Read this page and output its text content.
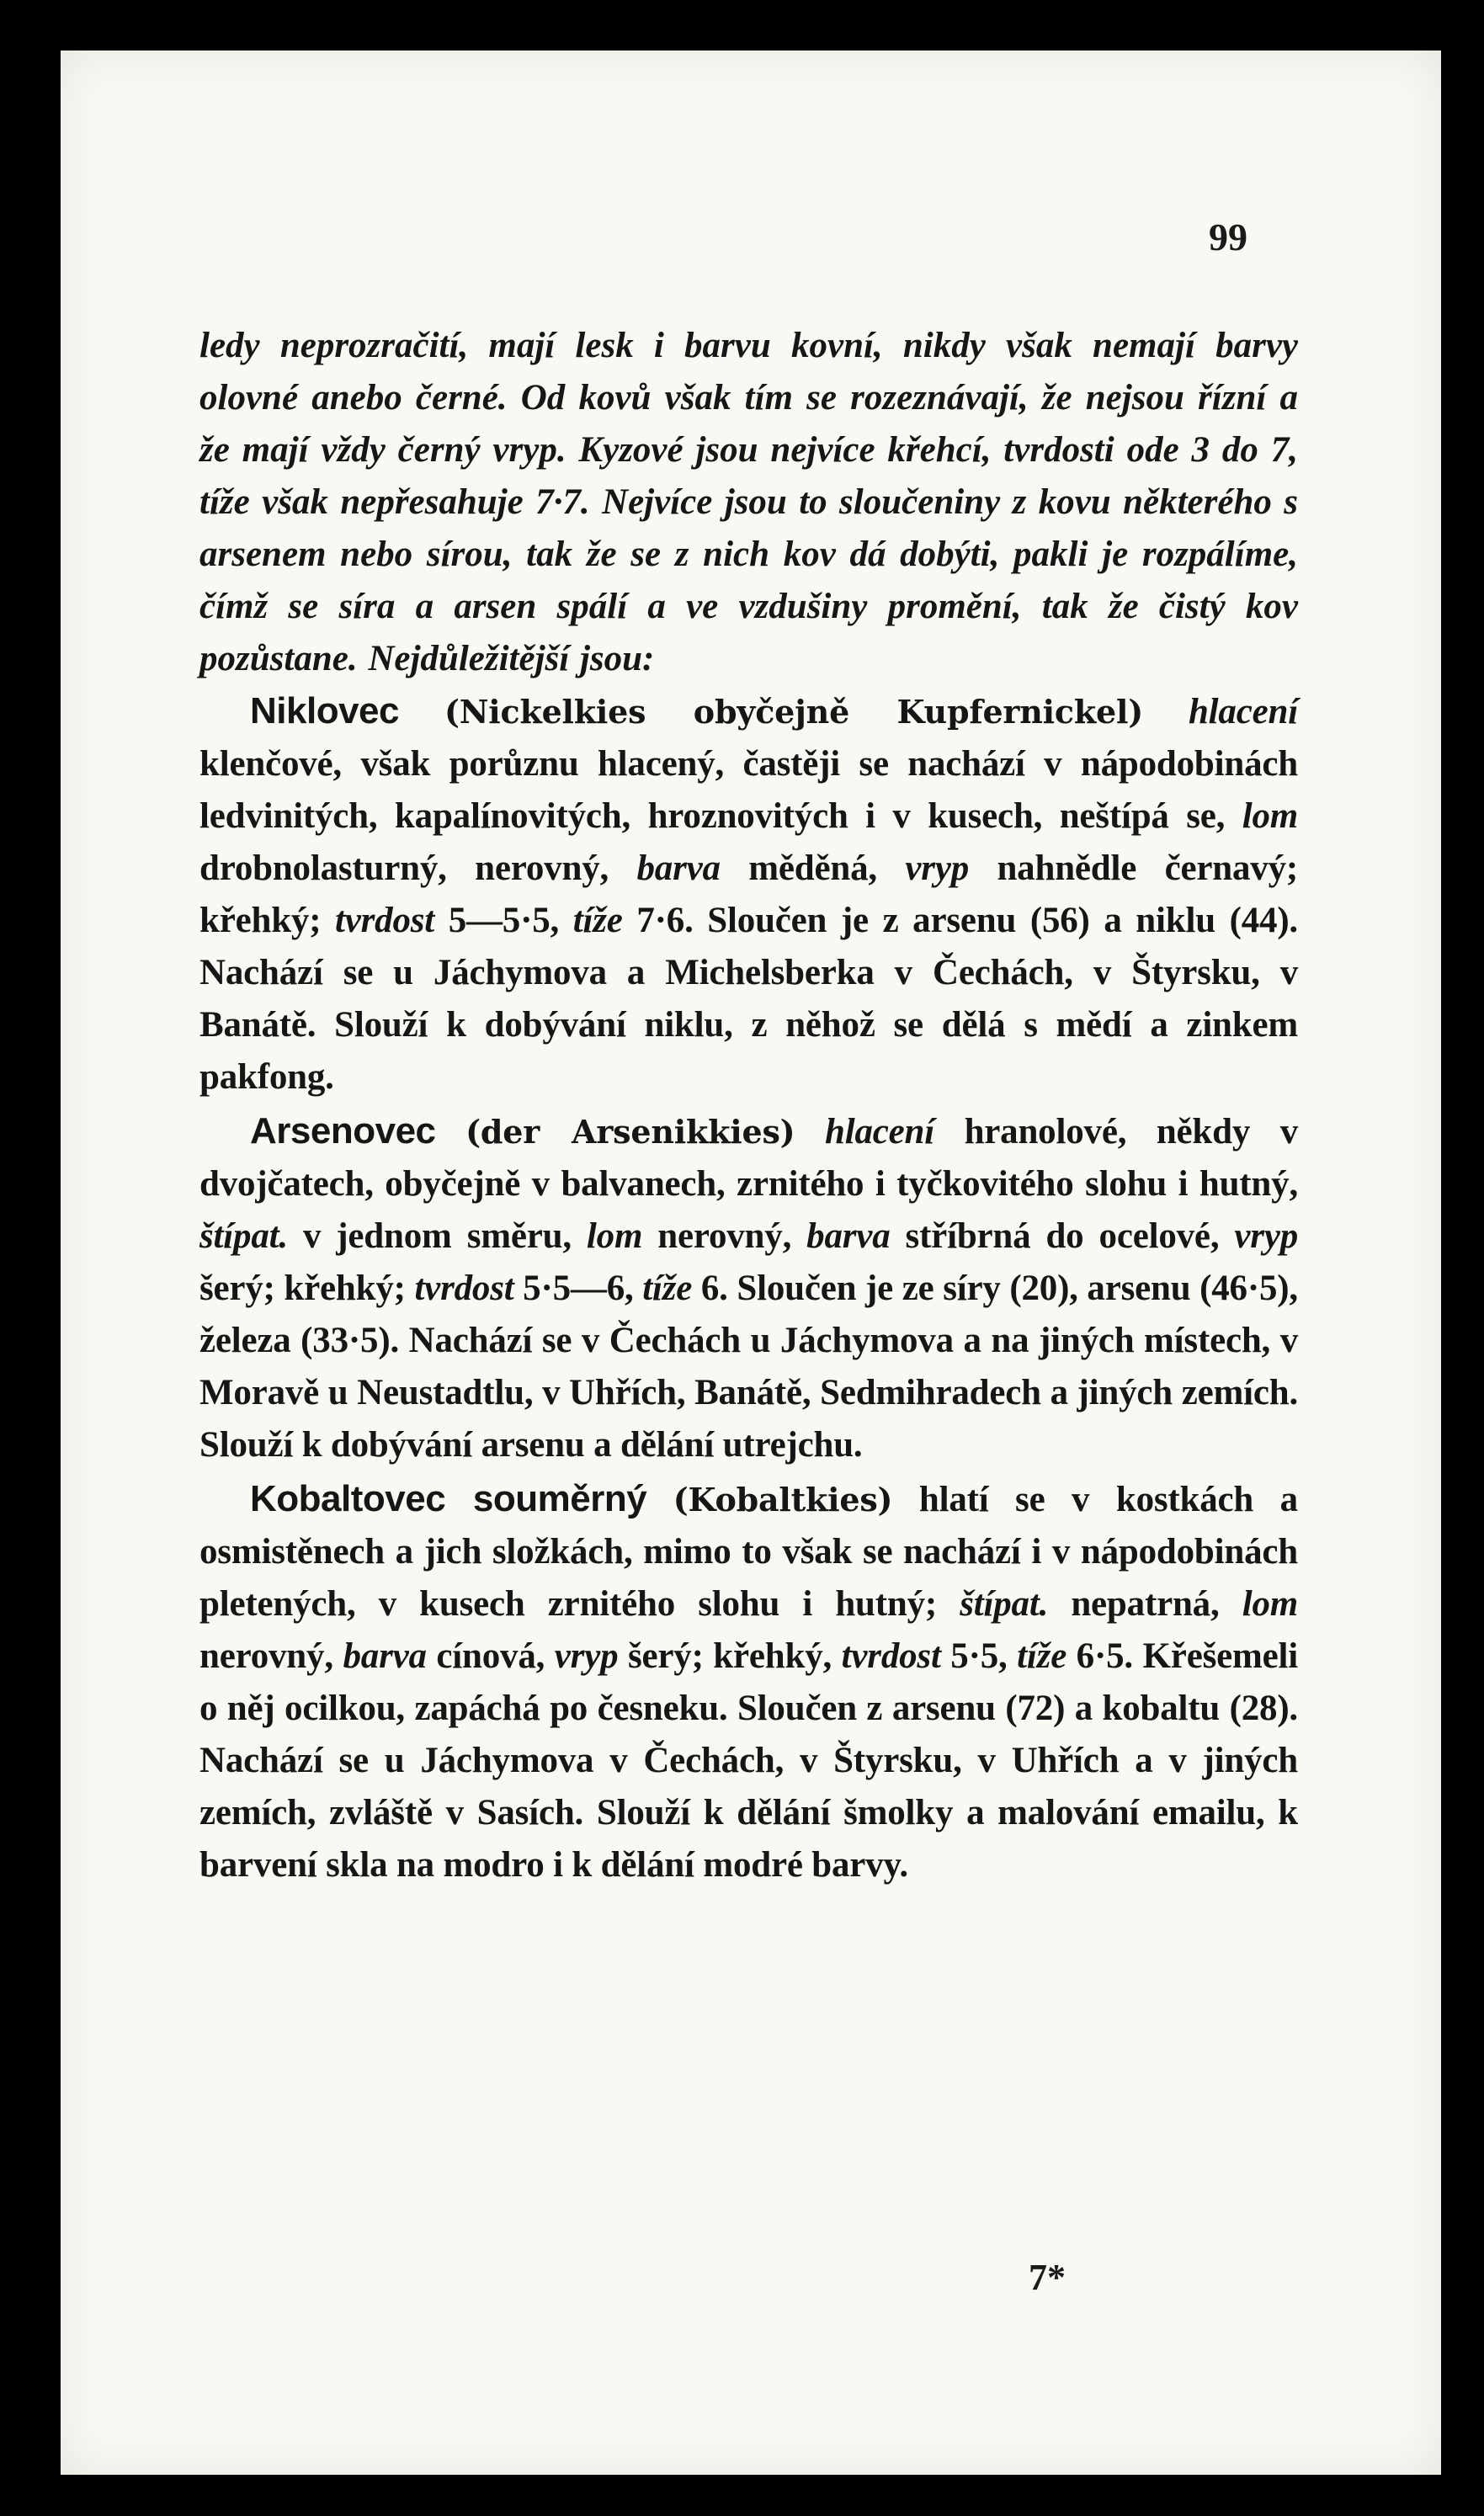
99

ledy neprozračití, mají lesk i barvu kovní, nikdy však nemají barvy olovné anebo černé. Od kovů však tím se rozeznávají, že nejsou řízní a že mají vždy černý vryp. Kyzové jsou nejvíce křehcí, tvrdosti ode 3 do 7, tíže však nepřesahuje 7·7. Nejvíce jsou to sloučeniny z kovu některého s arsenem nebo sírou, tak že se z nich kov dá dobýti, pakli je rozpálíme, čímž se síra a arsen spálí a ve vzdušiny promění, tak že čistý kov pozůstane. Nejdůležitější jsou:

Niklovec (Nickelkies obyčejně Kupfernickel) hlacení klenčové, však porůznu hlacený, častěji se nachází v nápodobinách ledvinitých, kapalínovitých, hroznovitých i v kusech, neštípá se, lom drobnolasturný, nerovný, barva měděná, vryp nahnědle černavý; křehký; tvrdost 5—5·5, tíže 7·6. Sloučen je z arsenu (56) a niklu (44). Nachází se u Jáchymova a Michelsberka v Čechách, v Štyrsku, v Banátě. Slouží k dobývání niklu, z něhož se dělá s mědí a zinkem pakfong.

Arsenovec (der Arsenikkies) hlacení hranolové, někdy v dvojčatech, obyčejně v balvanech, zrnitého i tyčkovitého slohu i hutný, štípat. v jednom směru, lom nerovný, barva stříbrná do ocelové, vryp šerý; křehký; tvrdost 5·5—6, tíže 6. Sloučen je ze síry (20), arsenu (46·5), železa (33·5). Nachází se v Čechách u Jáchymova a na jiných místech, v Moravě u Neustadtlu, v Uhřích, Banátě, Sedmihradech a jiných zemích. Slouží k dobývání arsenu a dělání utrejchu.

Kobaltovec souměrný (Kobaltkies) hlatí se v kostkách a osmistěnech a jich složkách, mimo to však se nachází i v nápodobinách pletených, v kusech zrnitého slohu i hutný; štípat. nepatrná, lom nerovný, barva cínová, vryp šerý; křehký, tvrdost 5·5, tíže 6·5. Křešemeli o něj ocilkou, zapáchá po česneku. Sloučen z arsenu (72) a kobaltu (28). Nachází se u Jáchymova v Čechách, v Štyrsku, v Uhřích a v jiných zemích, zvláště v Sasích. Slouží k dělání šmolky a malování emailu, k barvení skla na modro i k dělání modré barvy.

7*
